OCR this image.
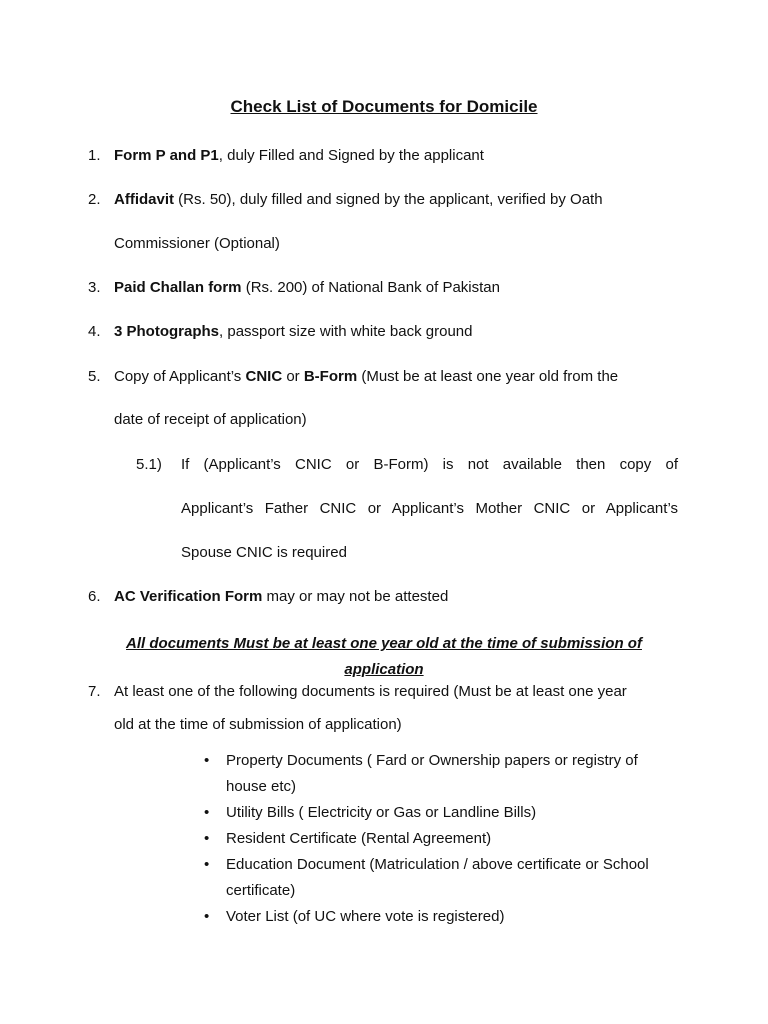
Check List of Documents for Domicile
1. Form P and P1, duly Filled and Signed by the applicant
2. Affidavit (Rs. 50), duly filled and signed by the applicant, verified by Oath
Commissioner (Optional)
3. Paid Challan form (Rs. 200) of National Bank of Pakistan
4. 3 Photographs, passport size with white back ground
5. Copy of Applicant’s CNIC or B-Form (Must be at least one year old from the
date of receipt of application)
5.1) If (Applicant’s CNIC or B-Form) is not available then copy of
Applicant’s Father CNIC or Applicant’s Mother CNIC or Applicant’s
Spouse CNIC is required
6. AC Verification Form may or may not be attested
All documents Must be at least one year old at the time of submission of
application
7. At least one of the following documents is required (Must be at least one year
old at the time of submission of application)
• Property Documents ( Fard or Ownership papers or registry of house etc)
• Utility Bills ( Electricity or Gas or Landline Bills)
• Resident Certificate (Rental Agreement)
• Education Document (Matriculation / above certificate or School certificate)
• Voter List (of UC where vote is registered)
